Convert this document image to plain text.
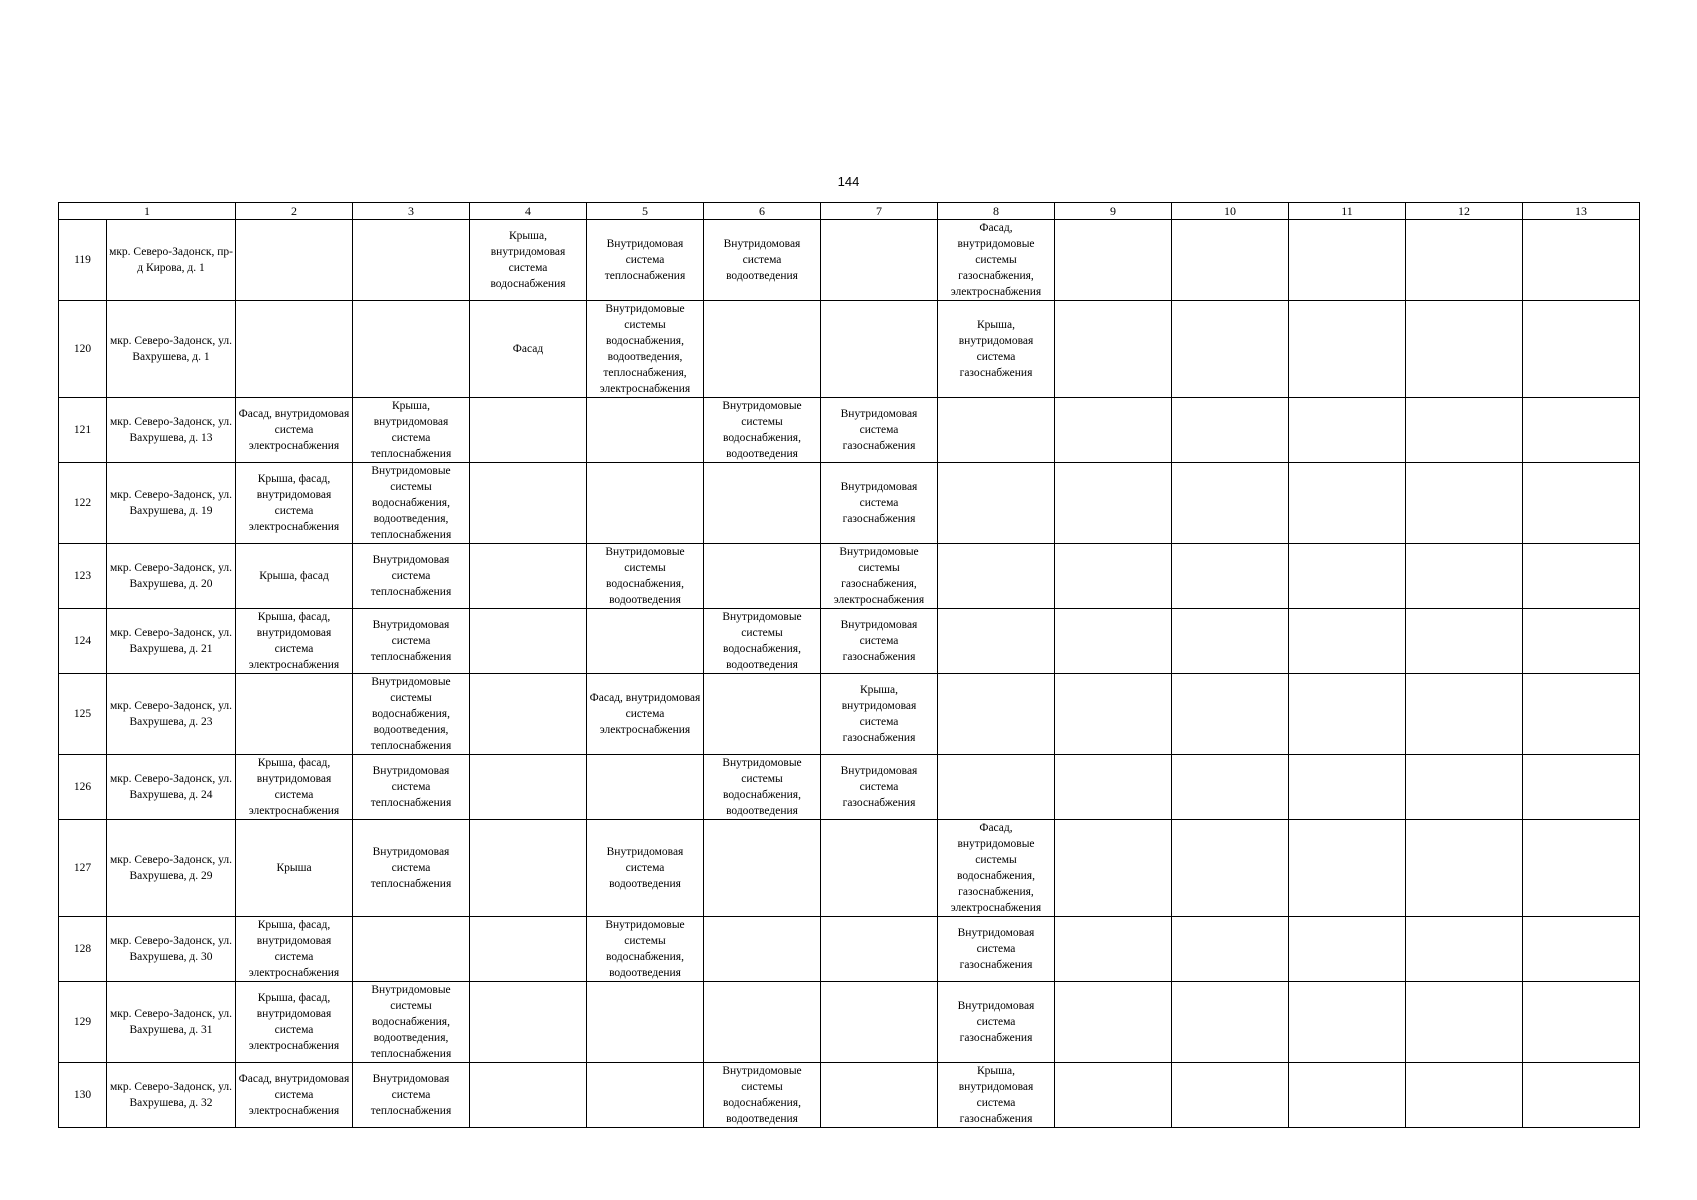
144
1		2	3	4	5	6	7	8	9	10	11	12	13
119	мкр. Северо-Задонск, пр-д Кирова, д. 1			Крыша, внутридомовая система водоснабжения	Внутридомовая система теплоснабжения	Внутридомовая система водоотведения		Фасад, внутридомовые системы газоснабжения, электроснабжения					
120	мкр. Северо-Задонск, ул. Вахрушева, д. 1			Фасад	Внутридомовые системы водоснабжения, водоотведения, теплоснабжения, электроснабжения			Крыша, внутридомовая система газоснабжения					
121	мкр. Северо-Задонск, ул. Вахрушева, д. 13	Фасад, внутридомовая система электроснабжения	Крыша, внутридомовая система теплоснабжения			Внутридомовые системы водоснабжения, водоотведения	Внутридомовая система газоснабжения						
122	мкр. Северо-Задонск, ул. Вахрушева, д. 19	Крыша, фасад, внутридомовая система электроснабжения	Внутридомовые системы водоснабжения, водоотведения, теплоснабжения				Внутридомовая система газоснабжения						
123	мкр. Северо-Задонск, ул. Вахрушева, д. 20	Крыша, фасад	Внутридомовая система теплоснабжения		Внутридомовые системы водоснабжения, водоотведения		Внутридомовые системы газоснабжения, электроснабжения						
124	мкр. Северо-Задонск, ул. Вахрушева, д. 21	Крыша, фасад, внутридомовая система электроснабжения	Внутридомовая система теплоснабжения			Внутридомовые системы водоснабжения, водоотведения	Внутридомовая система газоснабжения						
125	мкр. Северо-Задонск, ул. Вахрушева, д. 23		Внутридомовые системы водоснабжения, водоотведения, теплоснабжения		Фасад, внутридомовая система электроснабжения		Крыша, внутридомовая система газоснабжения						
126	мкр. Северо-Задонск, ул. Вахрушева, д. 24	Крыша, фасад, внутридомовая система электроснабжения	Внутридомовая система теплоснабжения			Внутридомовые системы водоснабжения, водоотведения	Внутридомовая система газоснабжения						
127	мкр. Северо-Задонск, ул. Вахрушева, д. 29	Крыша	Внутридомовая система теплоснабжения		Внутридомовая система водоотведения			Фасад, внутридомовые системы водоснабжения, газоснабжения, электроснабжения					
128	мкр. Северо-Задонск, ул. Вахрушева, д. 30	Крыша, фасад, внутридомовая система электроснабжения			Внутридомовые системы водоснабжения, водоотведения			Внутридомовая система газоснабжения					
129	мкр. Северо-Задонск, ул. Вахрушева, д. 31	Крыша, фасад, внутридомовая система электроснабжения	Внутридомовые системы водоснабжения, водоотведения, теплоснабжения					Внутридомовая система газоснабжения					
130	мкр. Северо-Задонск, ул. Вахрушева, д. 32	Фасад, внутридомовая система электроснабжения	Внутридомовая система теплоснабжения			Внутридомовые системы водоснабжения, водоотведения		Крыша, внутридомовая система газоснабжения					
